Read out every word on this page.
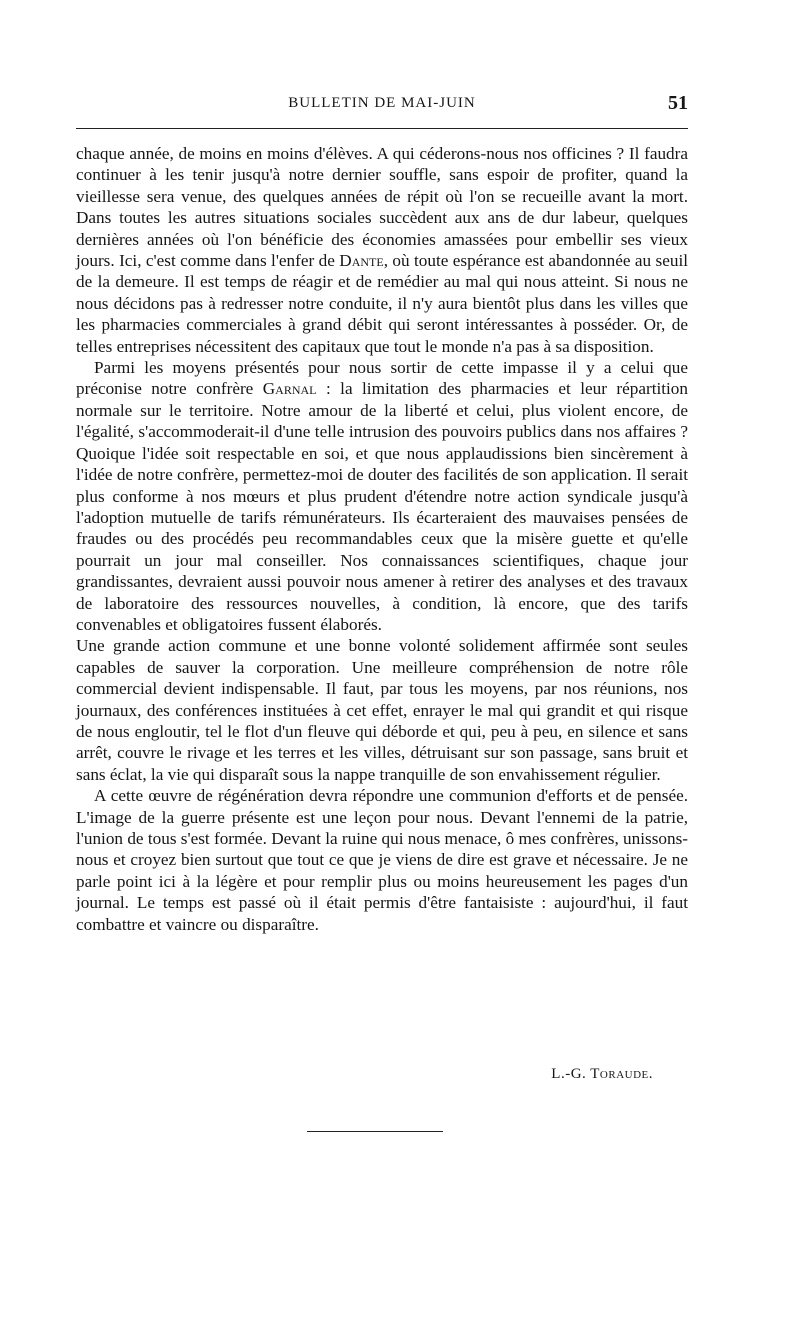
BULLETIN DE MAI-JUIN	51

chaque année, de moins en moins d'élèves. A qui céderons-nous nos officines ? Il faudra continuer à les tenir jusqu'à notre dernier souffle, sans espoir de profiter, quand la vieillesse sera venue, des quelques années de répit où l'on se recueille avant la mort. Dans toutes les autres situations sociales succèdent aux ans de dur labeur, quelques dernières années où l'on bénéficie des économies amassées pour embellir ses vieux jours. Ici, c'est comme dans l'enfer de Dante, où toute espérance est abandonnée au seuil de la demeure. Il est temps de réagir et de remédier au mal qui nous atteint. Si nous ne nous décidons pas à redresser notre conduite, il n'y aura bientôt plus dans les villes que les pharmacies commerciales à grand débit qui seront intéressantes à posséder. Or, de telles entreprises nécessitent des capitaux que tout le monde n'a pas à sa disposition.

Parmi les moyens présentés pour nous sortir de cette impasse il y a celui que préconise notre confrère Garnal : la limitation des pharmacies et leur répartition normale sur le territoire. Notre amour de la liberté et celui, plus violent encore, de l'égalité, s'accommoderait-il d'une telle intrusion des pouvoirs publics dans nos affaires ? Quoique l'idée soit respectable en soi, et que nous applaudissions bien sincèrement à l'idée de notre confrère, permettez-moi de douter des facilités de son application. Il serait plus conforme à nos mœurs et plus prudent d'étendre notre action syndicale jusqu'à l'adoption mutuelle de tarifs rémunérateurs. Ils écarteraient des mauvaises pensées de fraudes ou des procédés peu recommandables ceux que la misère guette et qu'elle pourrait un jour mal conseiller. Nos connaissances scientifiques, chaque jour grandissantes, devraient aussi pouvoir nous amener à retirer des analyses et des travaux de laboratoire des ressources nouvelles, à condition, là encore, que des tarifs convenables et obligatoires fussent élaborés.

Une grande action commune et une bonne volonté solidement affirmée sont seules capables de sauver la corporation. Une meilleure compréhension de notre rôle commercial devient indispensable. Il faut, par tous les moyens, par nos réunions, nos journaux, des conférences instituées à cet effet, enrayer le mal qui grandit et qui risque de nous engloutir, tel le flot d'un fleuve qui déborde et qui, peu à peu, en silence et sans arrêt, couvre le rivage et les terres et les villes, détruisant sur son passage, sans bruit et sans éclat, la vie qui disparaît sous la nappe tranquille de son envahissement régulier.

A cette œuvre de régénération devra répondre une communion d'efforts et de pensée. L'image de la guerre présente est une leçon pour nous. Devant l'ennemi de la patrie, l'union de tous s'est formée. Devant la ruine qui nous menace, ô mes confrères, unissons-nous et croyez bien surtout que tout ce que je viens de dire est grave et nécessaire. Je ne parle point ici à la légère et pour remplir plus ou moins heureusement les pages d'un journal. Le temps est passé où il était permis d'être fantaisiste : aujourd'hui, il faut combattre et vaincre ou disparaître.

L.-G. Toraude.
